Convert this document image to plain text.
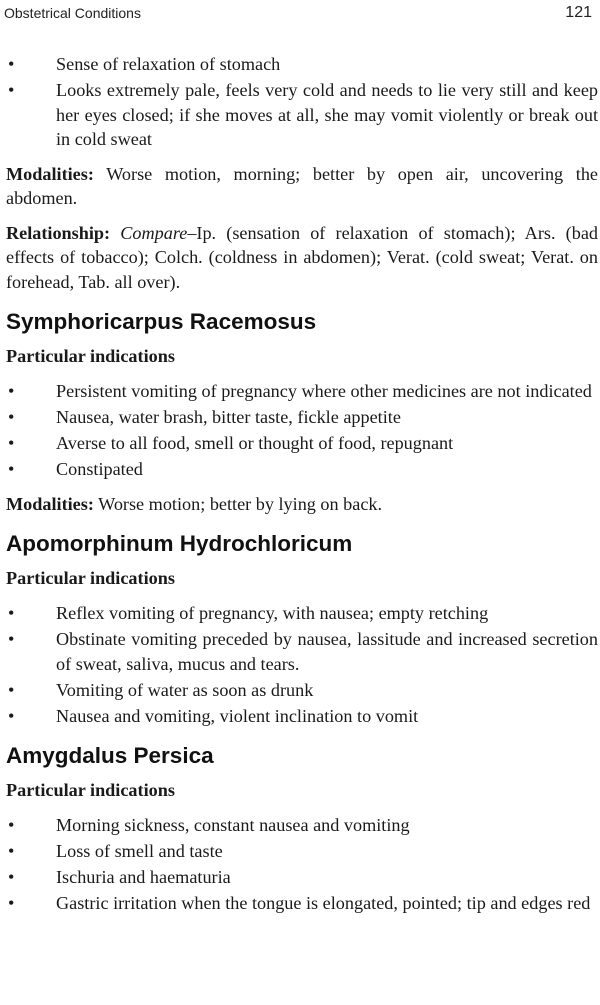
Obstetrical Conditions	121
• Sense of relaxation of stomach
• Looks extremely pale, feels very cold and needs to lie very still and keep her eyes closed; if she moves at all, she may vomit violently or break out in cold sweat

Modalities: Worse motion, morning; better by open air, uncovering the abdomen.

Relationship: Compare–Ip. (sensation of relaxation of stomach); Ars. (bad effects of tobacco); Colch. (coldness in abdomen); Verat. (cold sweat; Verat. on forehead, Tab. all over).

Symphoricarpus Racemosus
Particular indications
• Persistent vomiting of pregnancy where other medicines are not indicated
• Nausea, water brash, bitter taste, fickle appetite
• Averse to all food, smell or thought of food, repugnant
• Constipated

Modalities: Worse motion; better by lying on back.

Apomorphinum Hydrochloricum
Particular indications
• Reflex vomiting of pregnancy, with nausea; empty retching
• Obstinate vomiting preceded by nausea, lassitude and increased secretion of sweat, saliva, mucus and tears.
• Vomiting of water as soon as drunk
• Nausea and vomiting, violent inclination to vomit
Amygdalus Persica
Particular indications
• Morning sickness, constant nausea and vomiting
• Loss of smell and taste
• Ischuria and haematuria
• Gastric irritation when the tongue is elongated, pointed; tip and edges red
